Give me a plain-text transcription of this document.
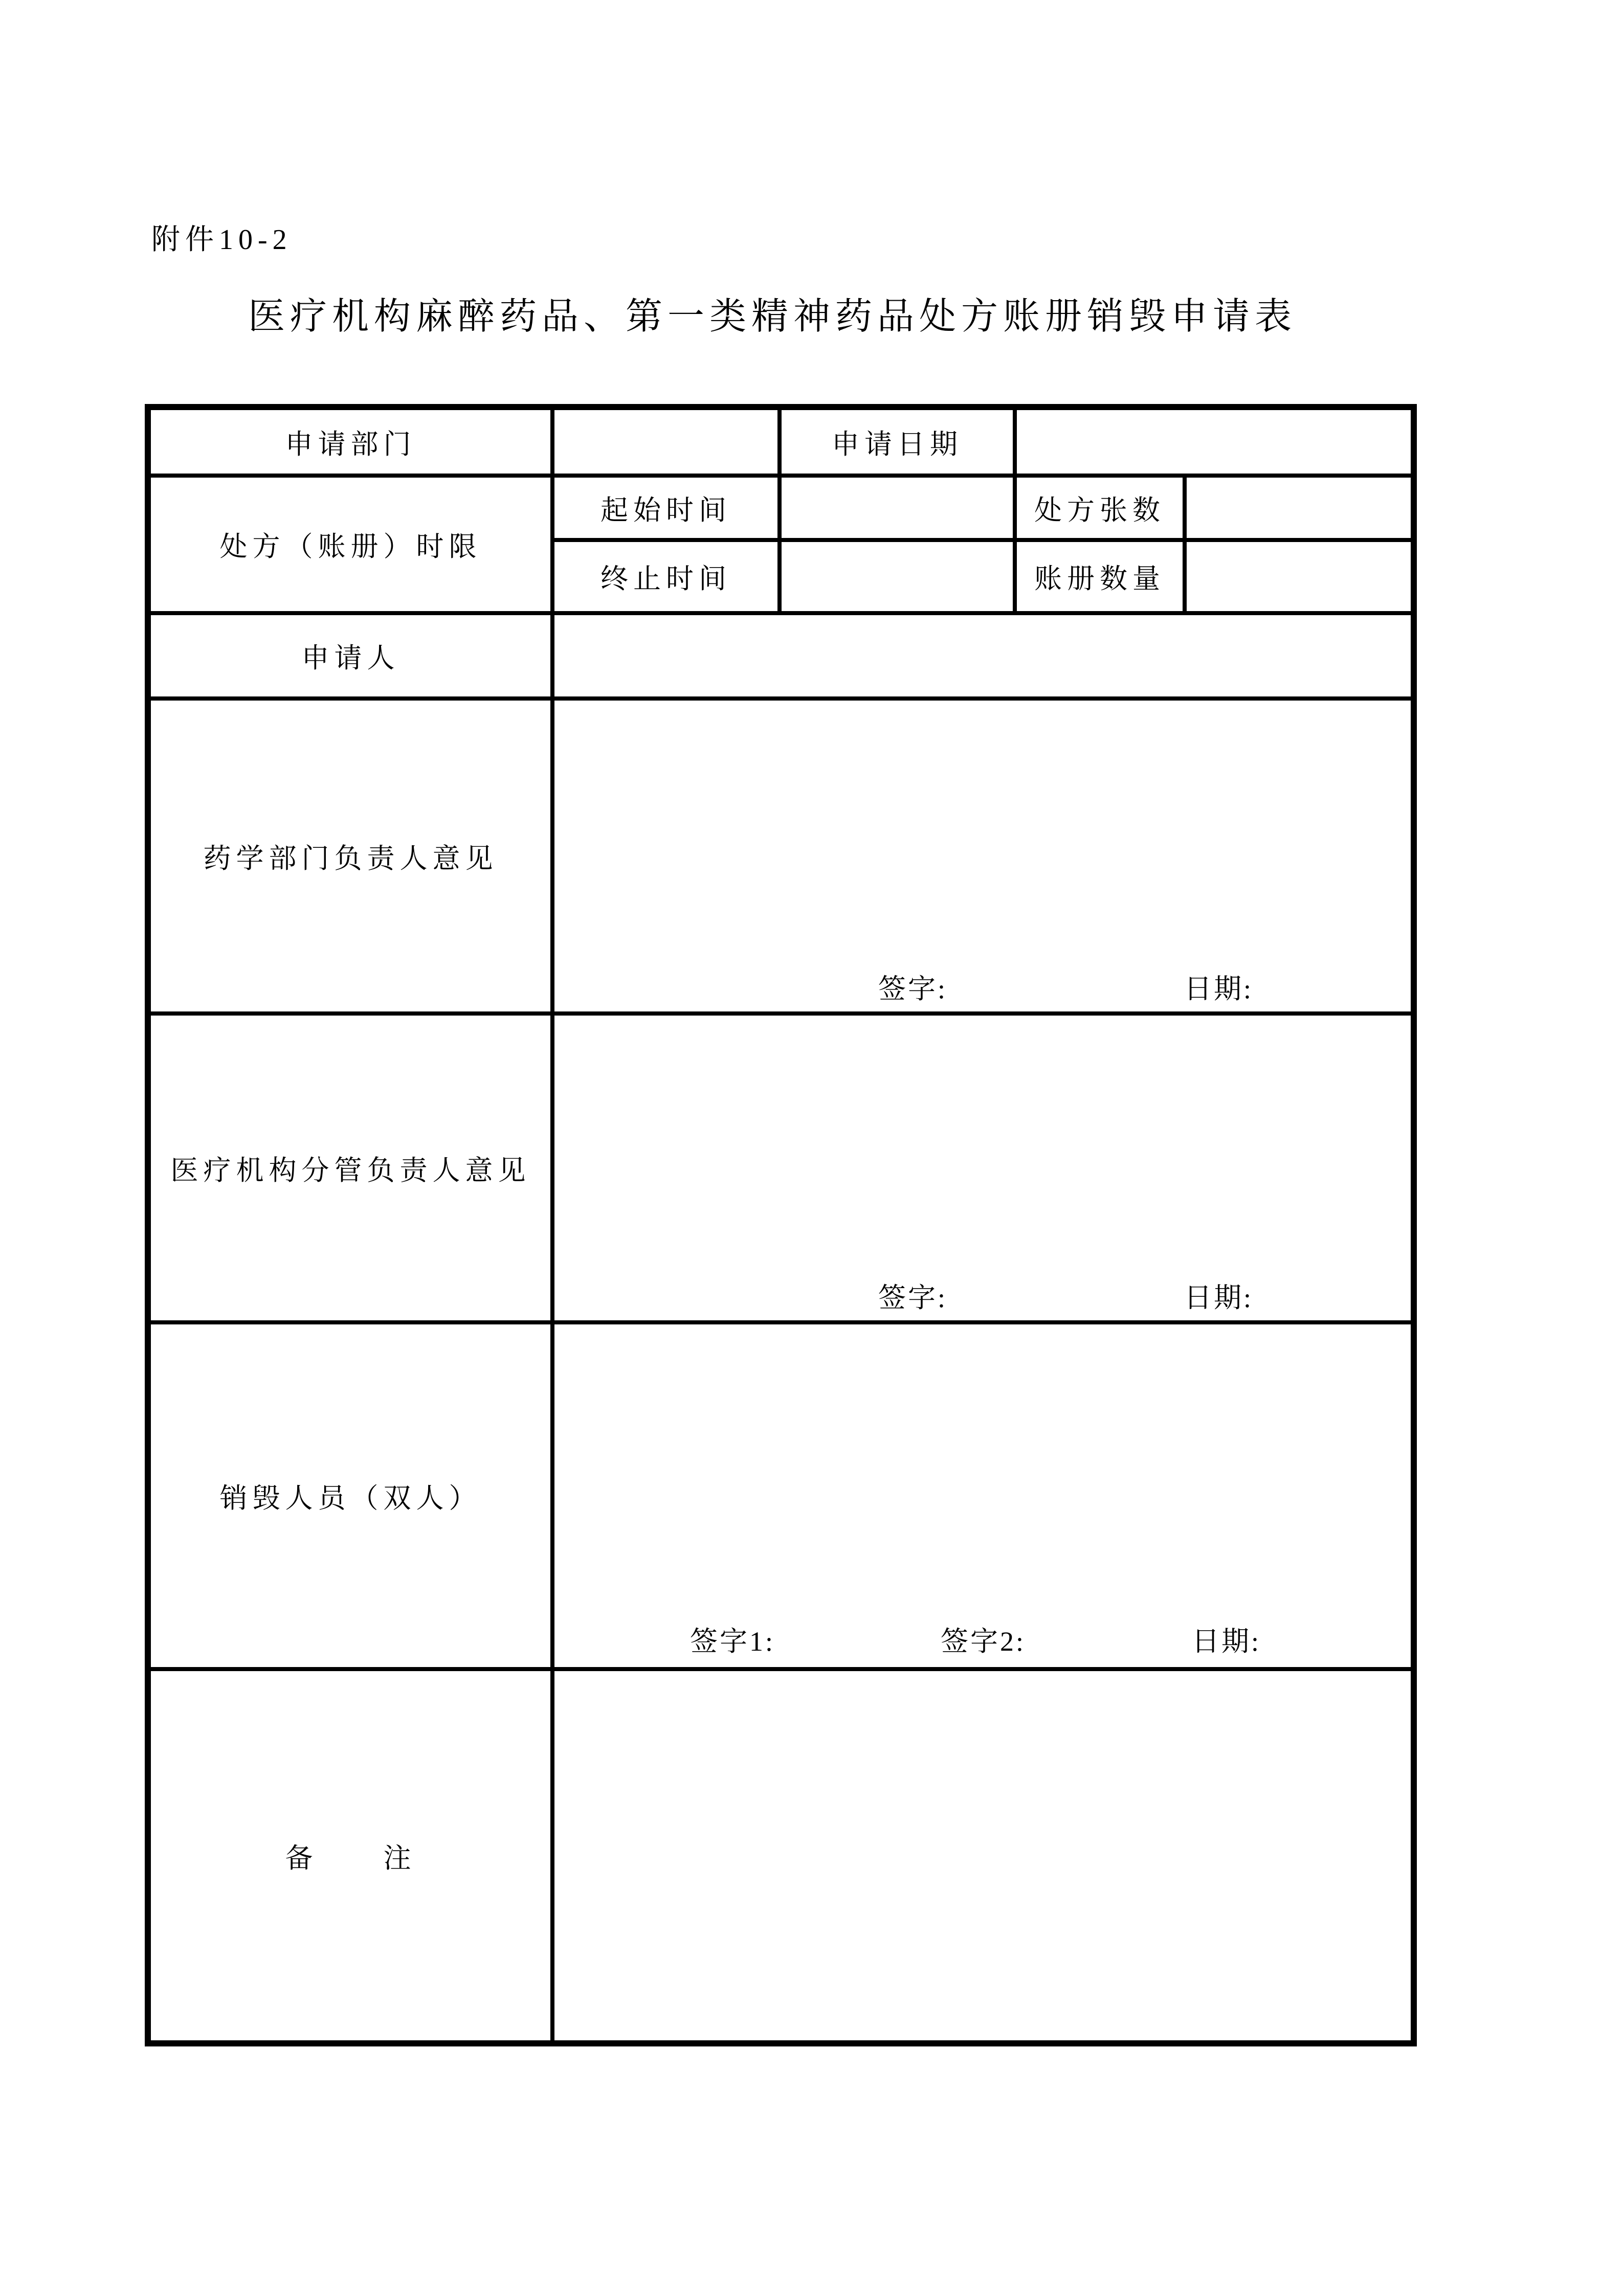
附件10-2
医疗机构麻醉药品、第一类精神药品处方账册销毁申请表
申请部门		申请日期		
处方（账册）时限	起始时间		处方张数	
	终止时间		账册数量	
申请人				
药学部门负责人意见	签字: 日期:			

医疗机构分管负责人意见	签字: 日期:			

销毁人员（双人）	签字1: 签字2: 日期:			

备　　注				
